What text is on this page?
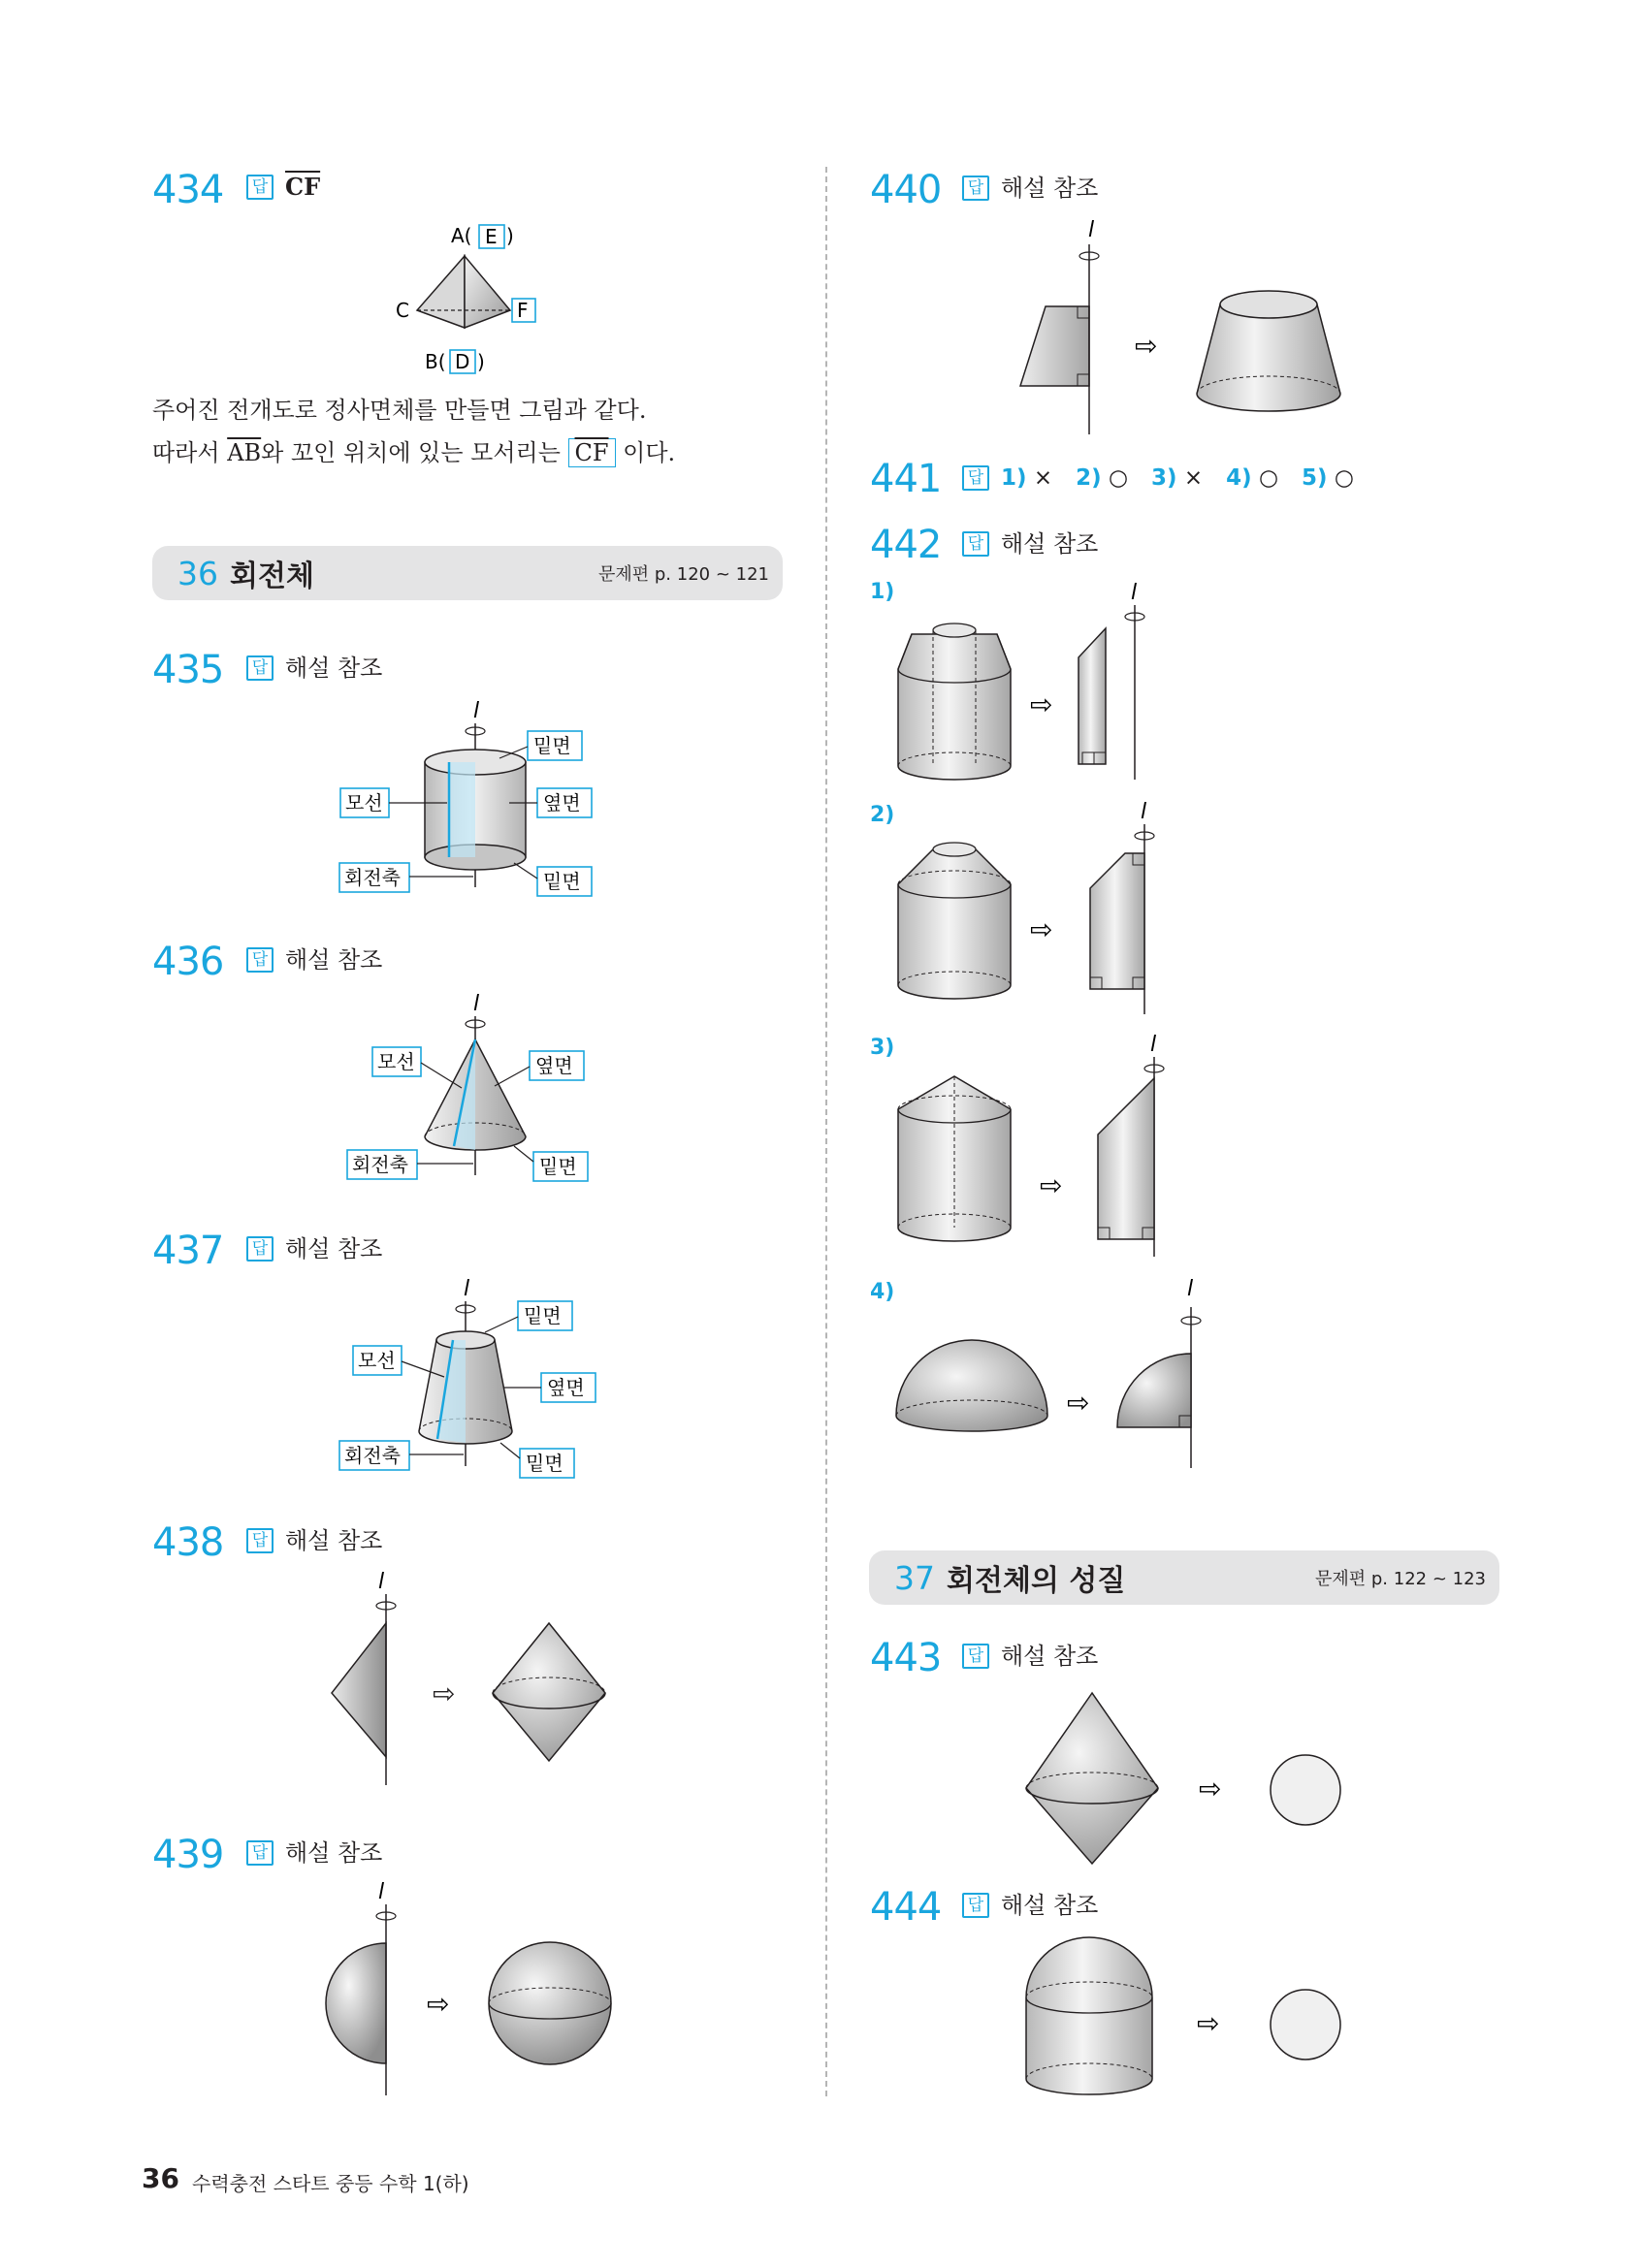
434	답 $\overline{CF}$
A( E )
C	F
B( D )
주어진 전개도로 정사면체를 만들면 그림과 같다.
따라서 $\overline{AB}$와 꼬인 위치에 있는 모서리는 $\overline{CF}$ 이다.
36 회전체	문제편 p. 120 ~ 121
435	답 해설 참조
l
모선
밑면
옆면
회전축	밑면
436	답 해설 참조
l
모선	옆면
회전축	밑면
437	답 해설 참조
l
모선
밑면
옆면
회전축	밑면
438	답 해설 참조
l
⇨
439	답 해설 참조
l
⇨
440	답 해설 참조
l
⇨
441	답 1) × 2) ○ 3) × 4) ○ 5) ○
442	답 해설 참조
1)
⇨
l
2)
⇨
l
3)
⇨
l
4)
⇨
l
37 회전체의 성질	문제편 p. 122 ~ 123
443	답 해설 참조
⇨
444	답 해설 참조
⇨
36 수력충전 스타트 중등 수학 1(하)
